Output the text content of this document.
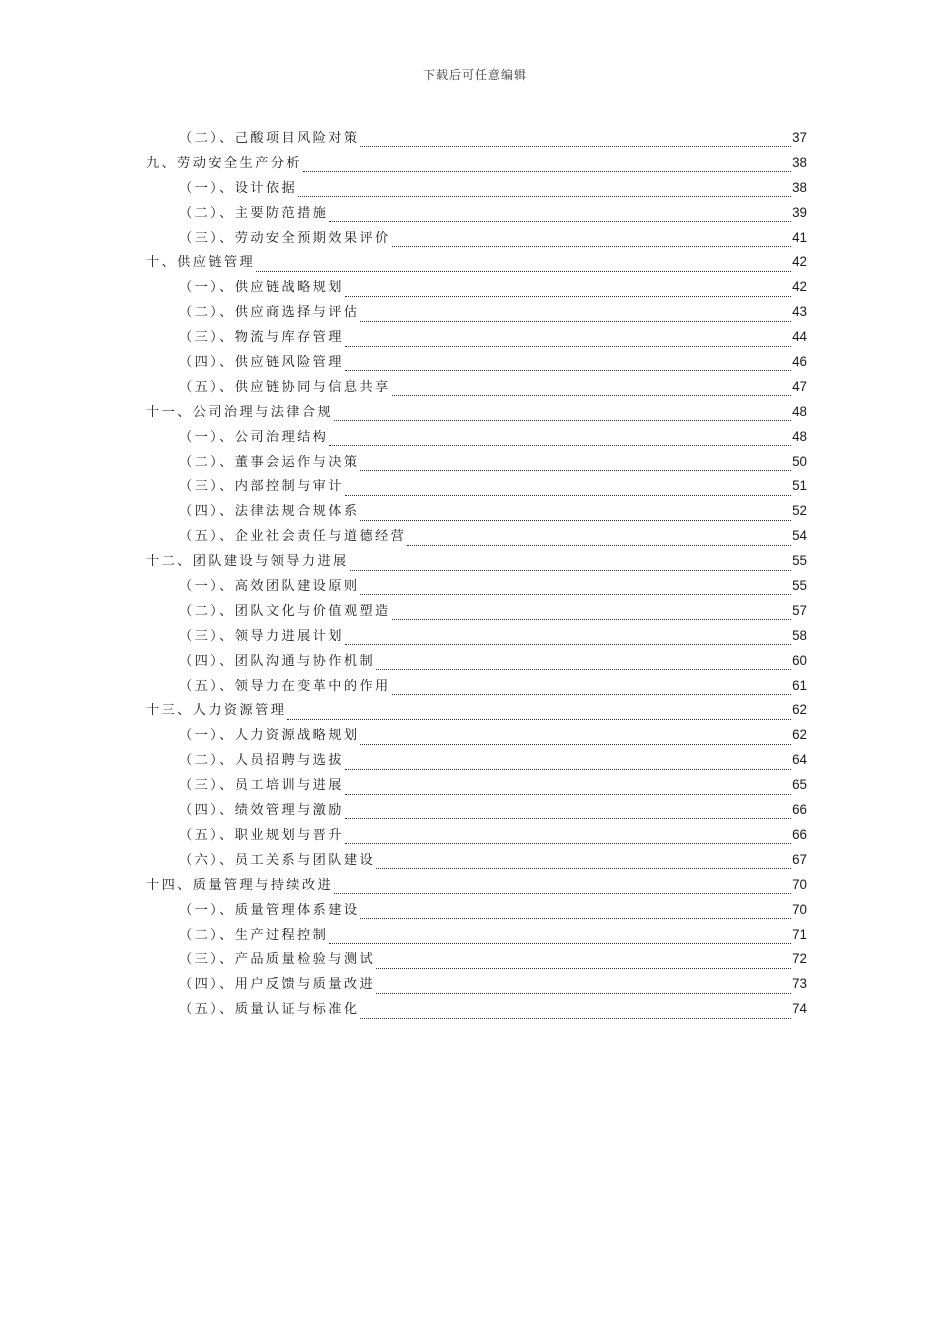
下载后可任意编辑
（二）、己酸项目风险对策	37
九、劳动安全生产分析	38
（一）、设计依据	38
（二）、主要防范措施	39
（三）、劳动安全预期效果评价	41
十、供应链管理	42
（一）、供应链战略规划	42
（二）、供应商选择与评估	43
（三）、物流与库存管理	44
（四）、供应链风险管理	46
（五）、供应链协同与信息共享	47
十一、公司治理与法律合规	48
（一）、公司治理结构	48
（二）、董事会运作与决策	50
（三）、内部控制与审计	51
（四）、法律法规合规体系	52
（五）、企业社会责任与道德经营	54
十二、团队建设与领导力进展	55
（一）、高效团队建设原则	55
（二）、团队文化与价值观塑造	57
（三）、领导力进展计划	58
（四）、团队沟通与协作机制	60
（五）、领导力在变革中的作用	61
十三、人力资源管理	62
（一）、人力资源战略规划	62
（二）、人员招聘与选拔	64
（三）、员工培训与进展	65
（四）、绩效管理与激励	66
（五）、职业规划与晋升	66
（六）、员工关系与团队建设	67
十四、质量管理与持续改进	70
（一）、质量管理体系建设	70
（二）、生产过程控制	71
（三）、产品质量检验与测试	72
（四）、用户反馈与质量改进	73
（五）、质量认证与标准化	74
